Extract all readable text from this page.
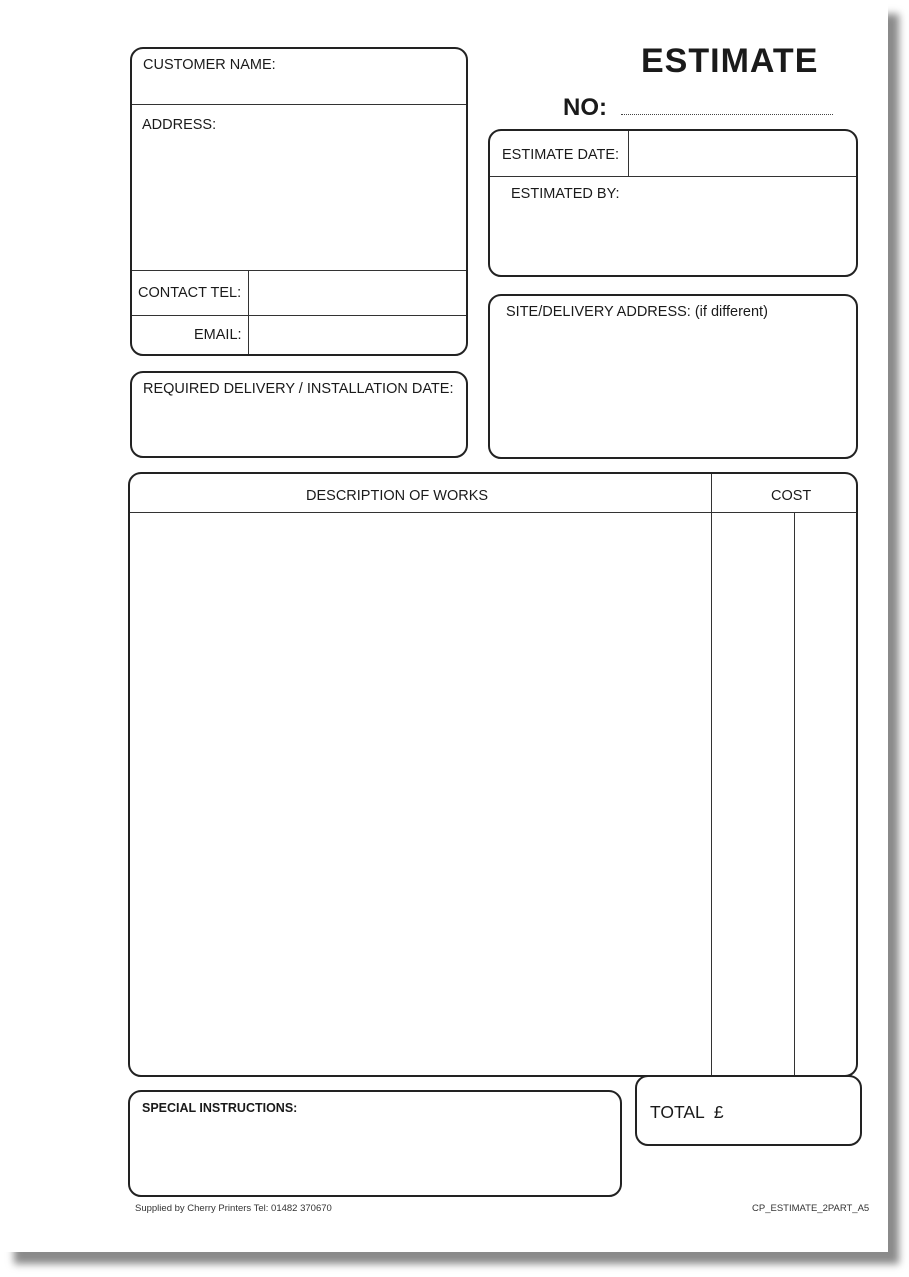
ESTIMATE
NO:
CUSTOMER NAME:
ADDRESS:
CONTACT TEL:
EMAIL:
REQUIRED DELIVERY / INSTALLATION DATE:
ESTIMATE DATE:
ESTIMATED BY:
SITE/DELIVERY ADDRESS: (if different)
DESCRIPTION OF WORKS	COST
SPECIAL INSTRUCTIONS:	TOTAL  £
Supplied by Cherry Printers Tel: 01482 370670	CP_ESTIMATE_2PART_A5
